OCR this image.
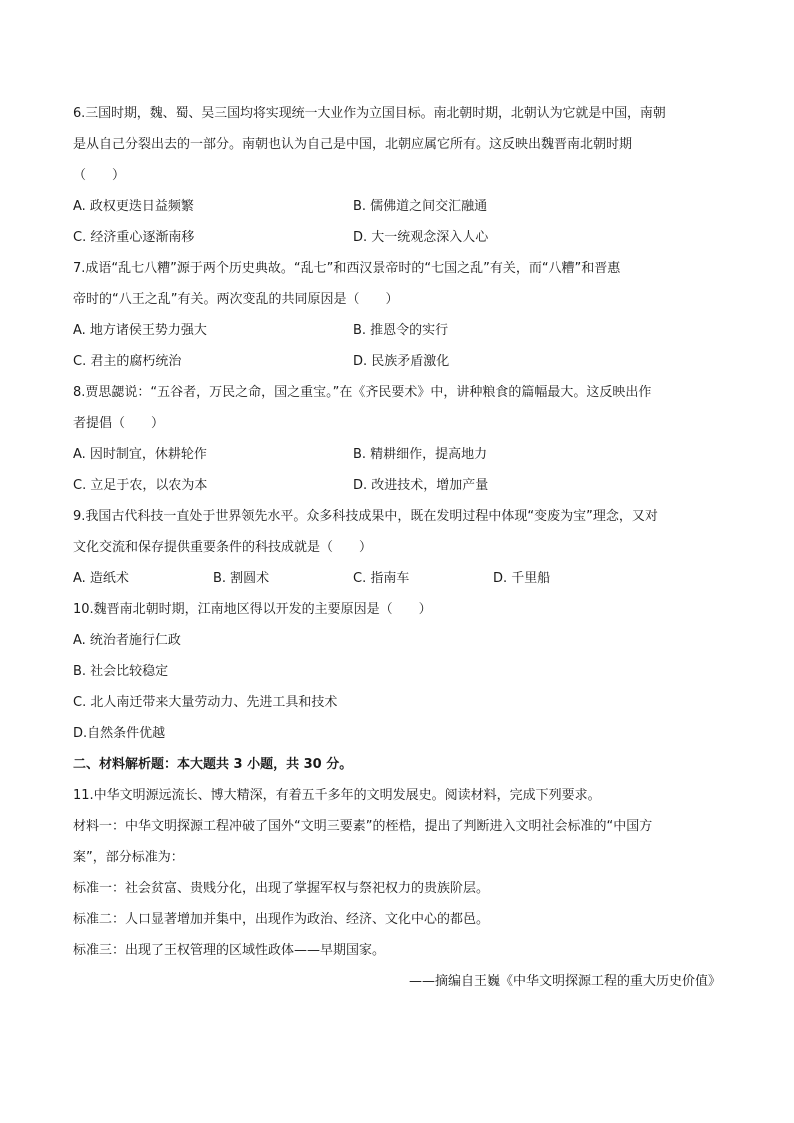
6.三国时期，魏、蜀、吴三国均将实现统一大业作为立国目标。南北朝时期，北朝认为它就是中国，南朝
是从自己分裂出去的一部分。南朝也认为自己是中国，北朝应属它所有。这反映出魏晋南北朝时期
（　　）
A. 政权更迭日益频繁	B. 儒佛道之间交汇融通
C. 经济重心逐渐南移	D. 大一统观念深入人心
7.成语“乱七八糟”源于两个历史典故。“乱七”和西汉景帝时的“七国之乱”有关，而“八糟”和晋惠
帝时的“八王之乱”有关。两次变乱的共同原因是（　　）
A. 地方诸侯王势力强大	B. 推恩令的实行
C. 君主的腐朽统治	D. 民族矛盾激化
8.贾思勰说：“五谷者，万民之命，国之重宝。”在《齐民要术》中，讲种粮食的篇幅最大。这反映出作
者提倡（　　）
A. 因时制宜，休耕轮作	B. 精耕细作，提高地力
C. 立足于农，以农为本	D. 改进技术，增加产量
9.我国古代科技一直处于世界领先水平。众多科技成果中，既在发明过程中体现“变废为宝”理念，又对
文化交流和保存提供重要条件的科技成就是（　　）
A. 造纸术	B. 割圆术	C. 指南车	D. 千里船
10.魏晋南北朝时期，江南地区得以开发的主要原因是（　　）
A. 统治者施行仁政
B. 社会比较稳定
C. 北人南迁带来大量劳动力、先进工具和技术
D.自然条件优越
二、材料解析题：本大题共 3 小题，共 30 分。
11.中华文明源远流长、博大精深，有着五千多年的文明发展史。阅读材料，完成下列要求。
材料一：中华文明探源工程冲破了国外“文明三要素”的桎梏，提出了判断进入文明社会标准的“中国方
案”，部分标准为：
标准一：社会贫富、贵贱分化，出现了掌握军权与祭祀权力的贵族阶层。
标准二：人口显著增加并集中，出现作为政治、经济、文化中心的都邑。
标准三：出现了王权管理的区域性政体——早期国家。
——摘编自王巍《中华文明探源工程的重大历史价值》
